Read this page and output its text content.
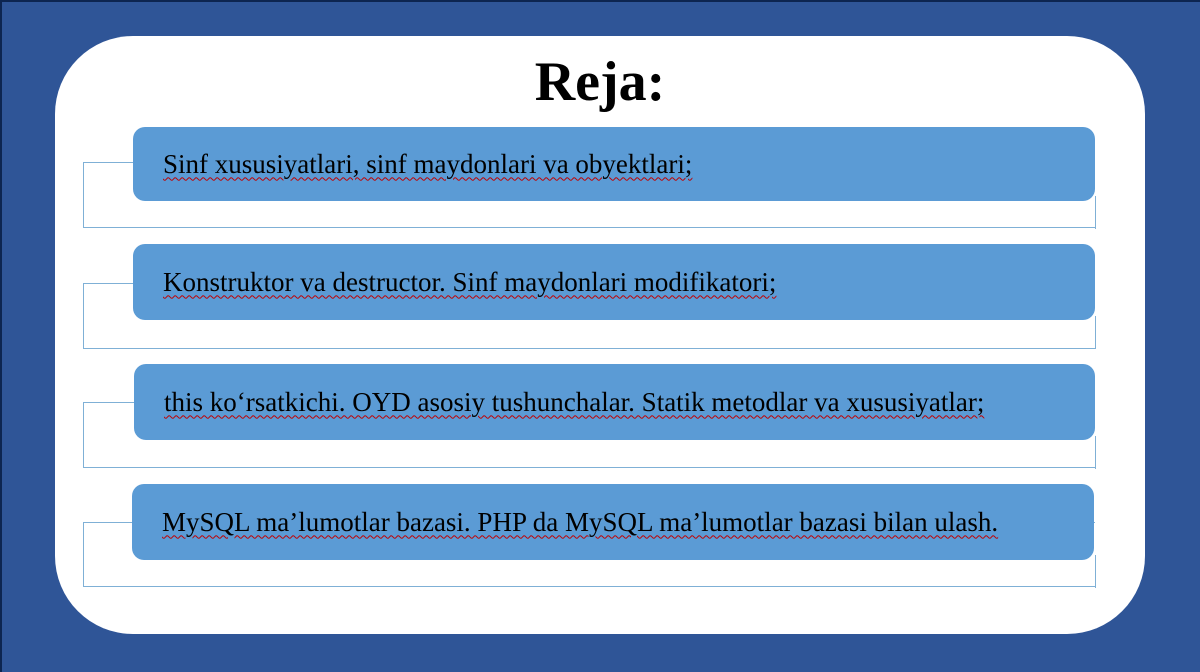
Reja:
Sinf xususiyatlari, sinf maydonlari va obyektlari;
Konstruktor va destructor. Sinf maydonlari modifikatori;
this ko‘rsatkichi. OYD asosiy tushunchalar. Statik metodlar va xususiyatlar;
MySQL ma’lumotlar bazasi. PHP da MySQL ma’lumotlar bazasi bilan ulash.
